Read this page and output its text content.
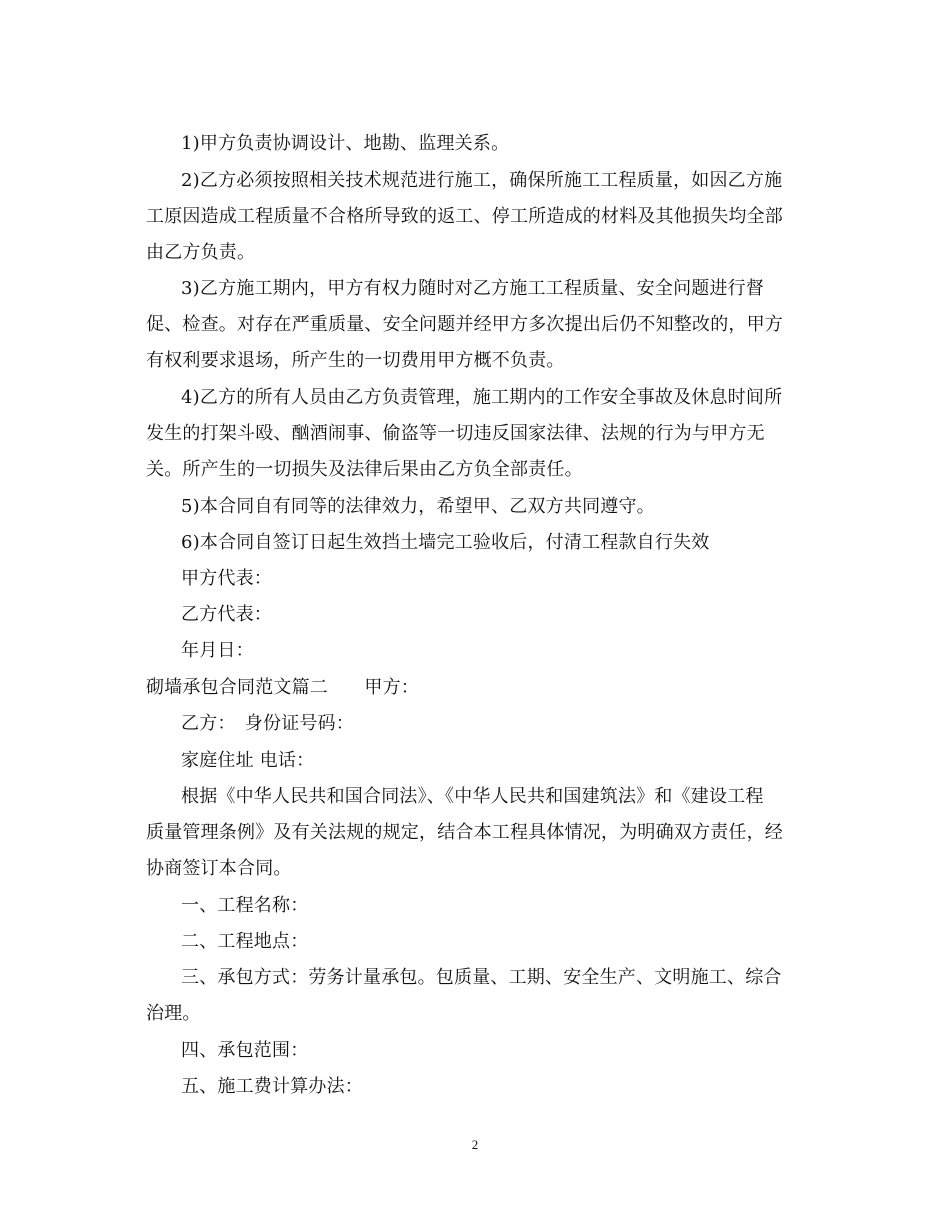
1)甲方负责协调设计、地勘、监理关系。
2)乙方必须按照相关技术规范进行施工，确保所施工工程质量，如因乙方施
工原因造成工程质量不合格所导致的返工、停工所造成的材料及其他损失均全部
由乙方负责。
3)乙方施工期内，甲方有权力随时对乙方施工工程质量、安全问题进行督
促、检查。对存在严重质量、安全问题并经甲方多次提出后仍不知整改的，甲方
有权利要求退场，所产生的一切费用甲方概不负责。
4)乙方的所有人员由乙方负责管理，施工期内的工作安全事故及休息时间所
发生的打架斗殴、酗酒闹事、偷盗等一切违反国家法律、法规的行为与甲方无
关。所产生的一切损失及法律后果由乙方负全部责任。
5)本合同自有同等的法律效力，希望甲、乙双方共同遵守。
6)本合同自签订日起生效挡土墙完工验收后，付清工程款自行失效
甲方代表：
乙方代表：
年月日：
砌墙承包合同范文篇二　　甲方：
乙方：　身份证号码：
家庭住址 电话：
根据《中华人民共和国合同法》、《中华人民共和国建筑法》和《建设工程
质量管理条例》及有关法规的规定，结合本工程具体情况，为明确双方责任，经
协商签订本合同。
一、工程名称：
二、工程地点：
三、承包方式：劳务计量承包。包质量、工期、安全生产、文明施工、综合
治理。
四、承包范围：
五、施工费计算办法：
2
